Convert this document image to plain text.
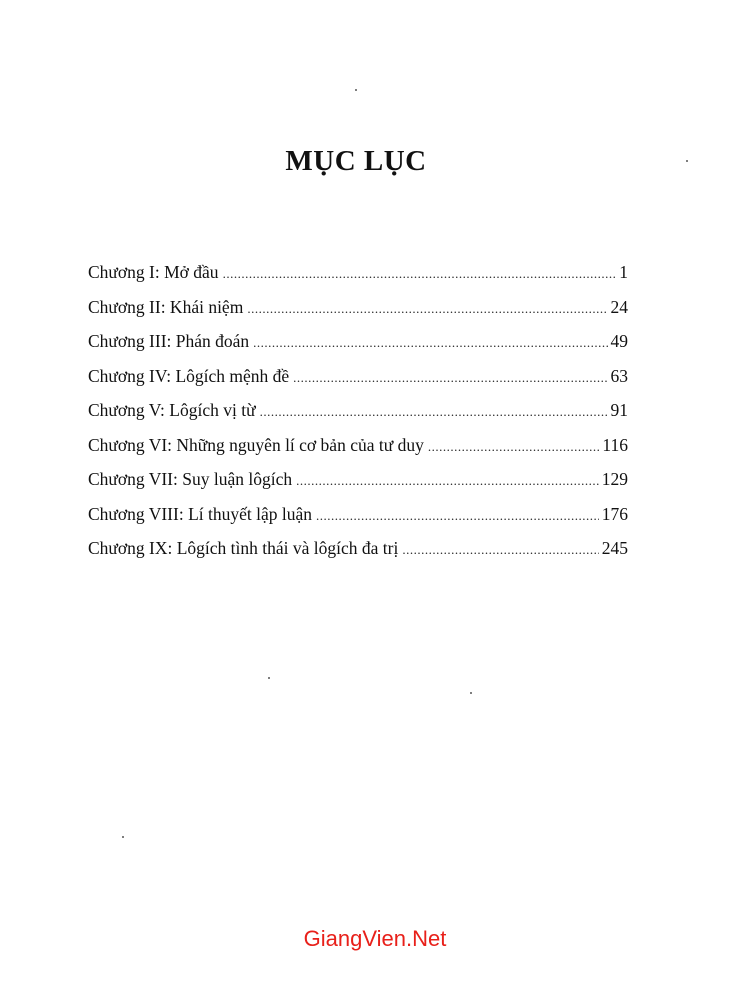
MỤC LỤC
Chương I: Mở đầu .....	1
Chương II: Khái niệm .....	24
Chương III: Phán đoán .....	49
Chương IV: Lôgích mệnh đề .....	63
Chương V: Lôgích vị từ .....	91
Chương VI: Những nguyên lí cơ bản của tư duy .....	116
Chương VII: Suy luận lôgích .....	129
Chương VIII: Lí thuyết lập luận .....	176
Chương IX: Lôgích tình thái và lôgích đa trị .....	245
GiangVien.Net
